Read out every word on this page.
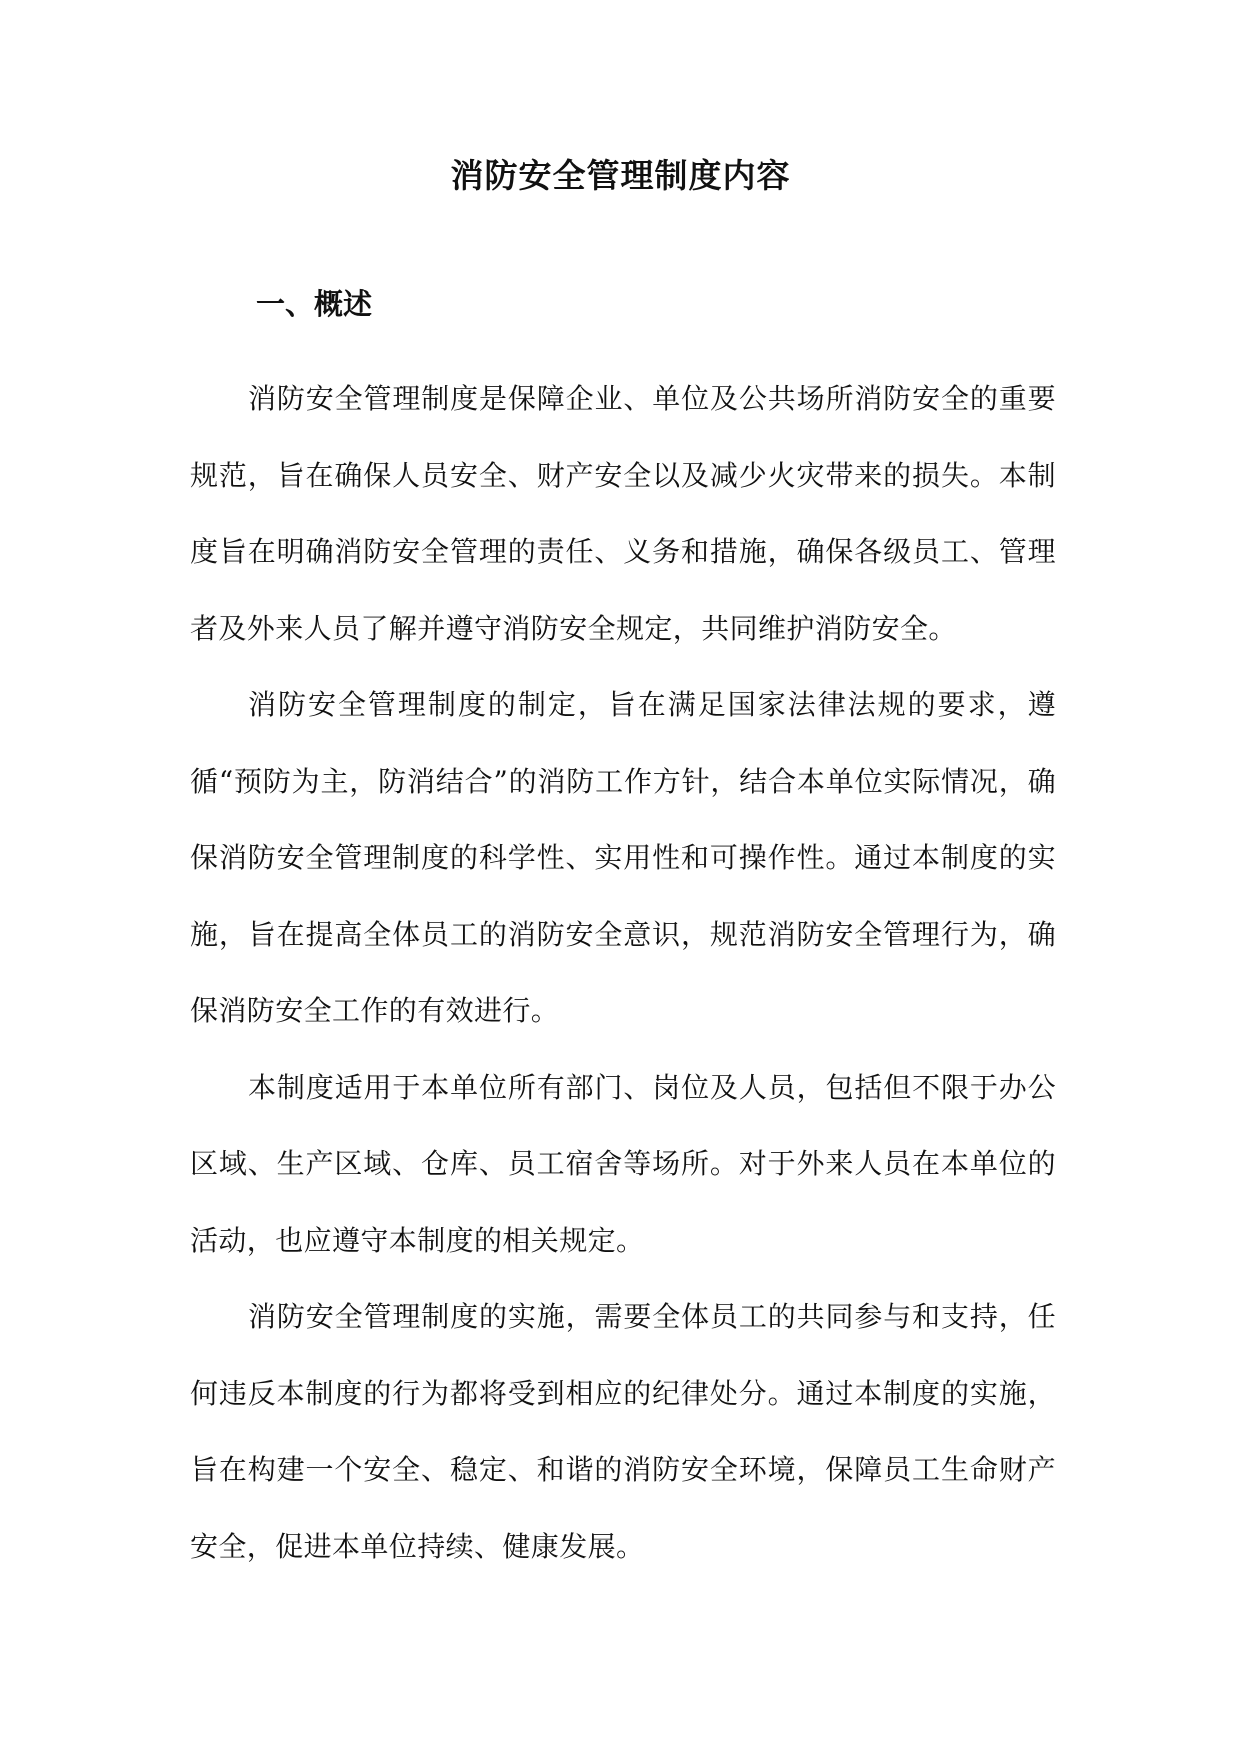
消防安全管理制度内容
一、概述

消防安全管理制度是保障企业、单位及公共场所消防安全的重要规范，旨在确保人员安全、财产安全以及减少火灾带来的损失。本制度旨在明确消防安全管理的责任、义务和措施，确保各级员工、管理者及外来人员了解并遵守消防安全规定，共同维护消防安全。

消防安全管理制度的制定，旨在满足国家法律法规的要求，遵循“预防为主，防消结合”的消防工作方针，结合本单位实际情况，确保消防安全管理制度的科学性、实用性和可操作性。通过本制度的实施，旨在提高全体员工的消防安全意识，规范消防安全管理行为，确保消防安全工作的有效进行。

本制度适用于本单位所有部门、岗位及人员，包括但不限于办公区域、生产区域、仓库、员工宿舍等场所。对于外来人员在本单位的活动，也应遵守本制度的相关规定。

消防安全管理制度的实施，需要全体员工的共同参与和支持，任何违反本制度的行为都将受到相应的纪律处分。通过本制度的实施，旨在构建一个安全、稳定、和谐的消防安全环境，保障员工生命财产安全，促进本单位持续、健康发展。
